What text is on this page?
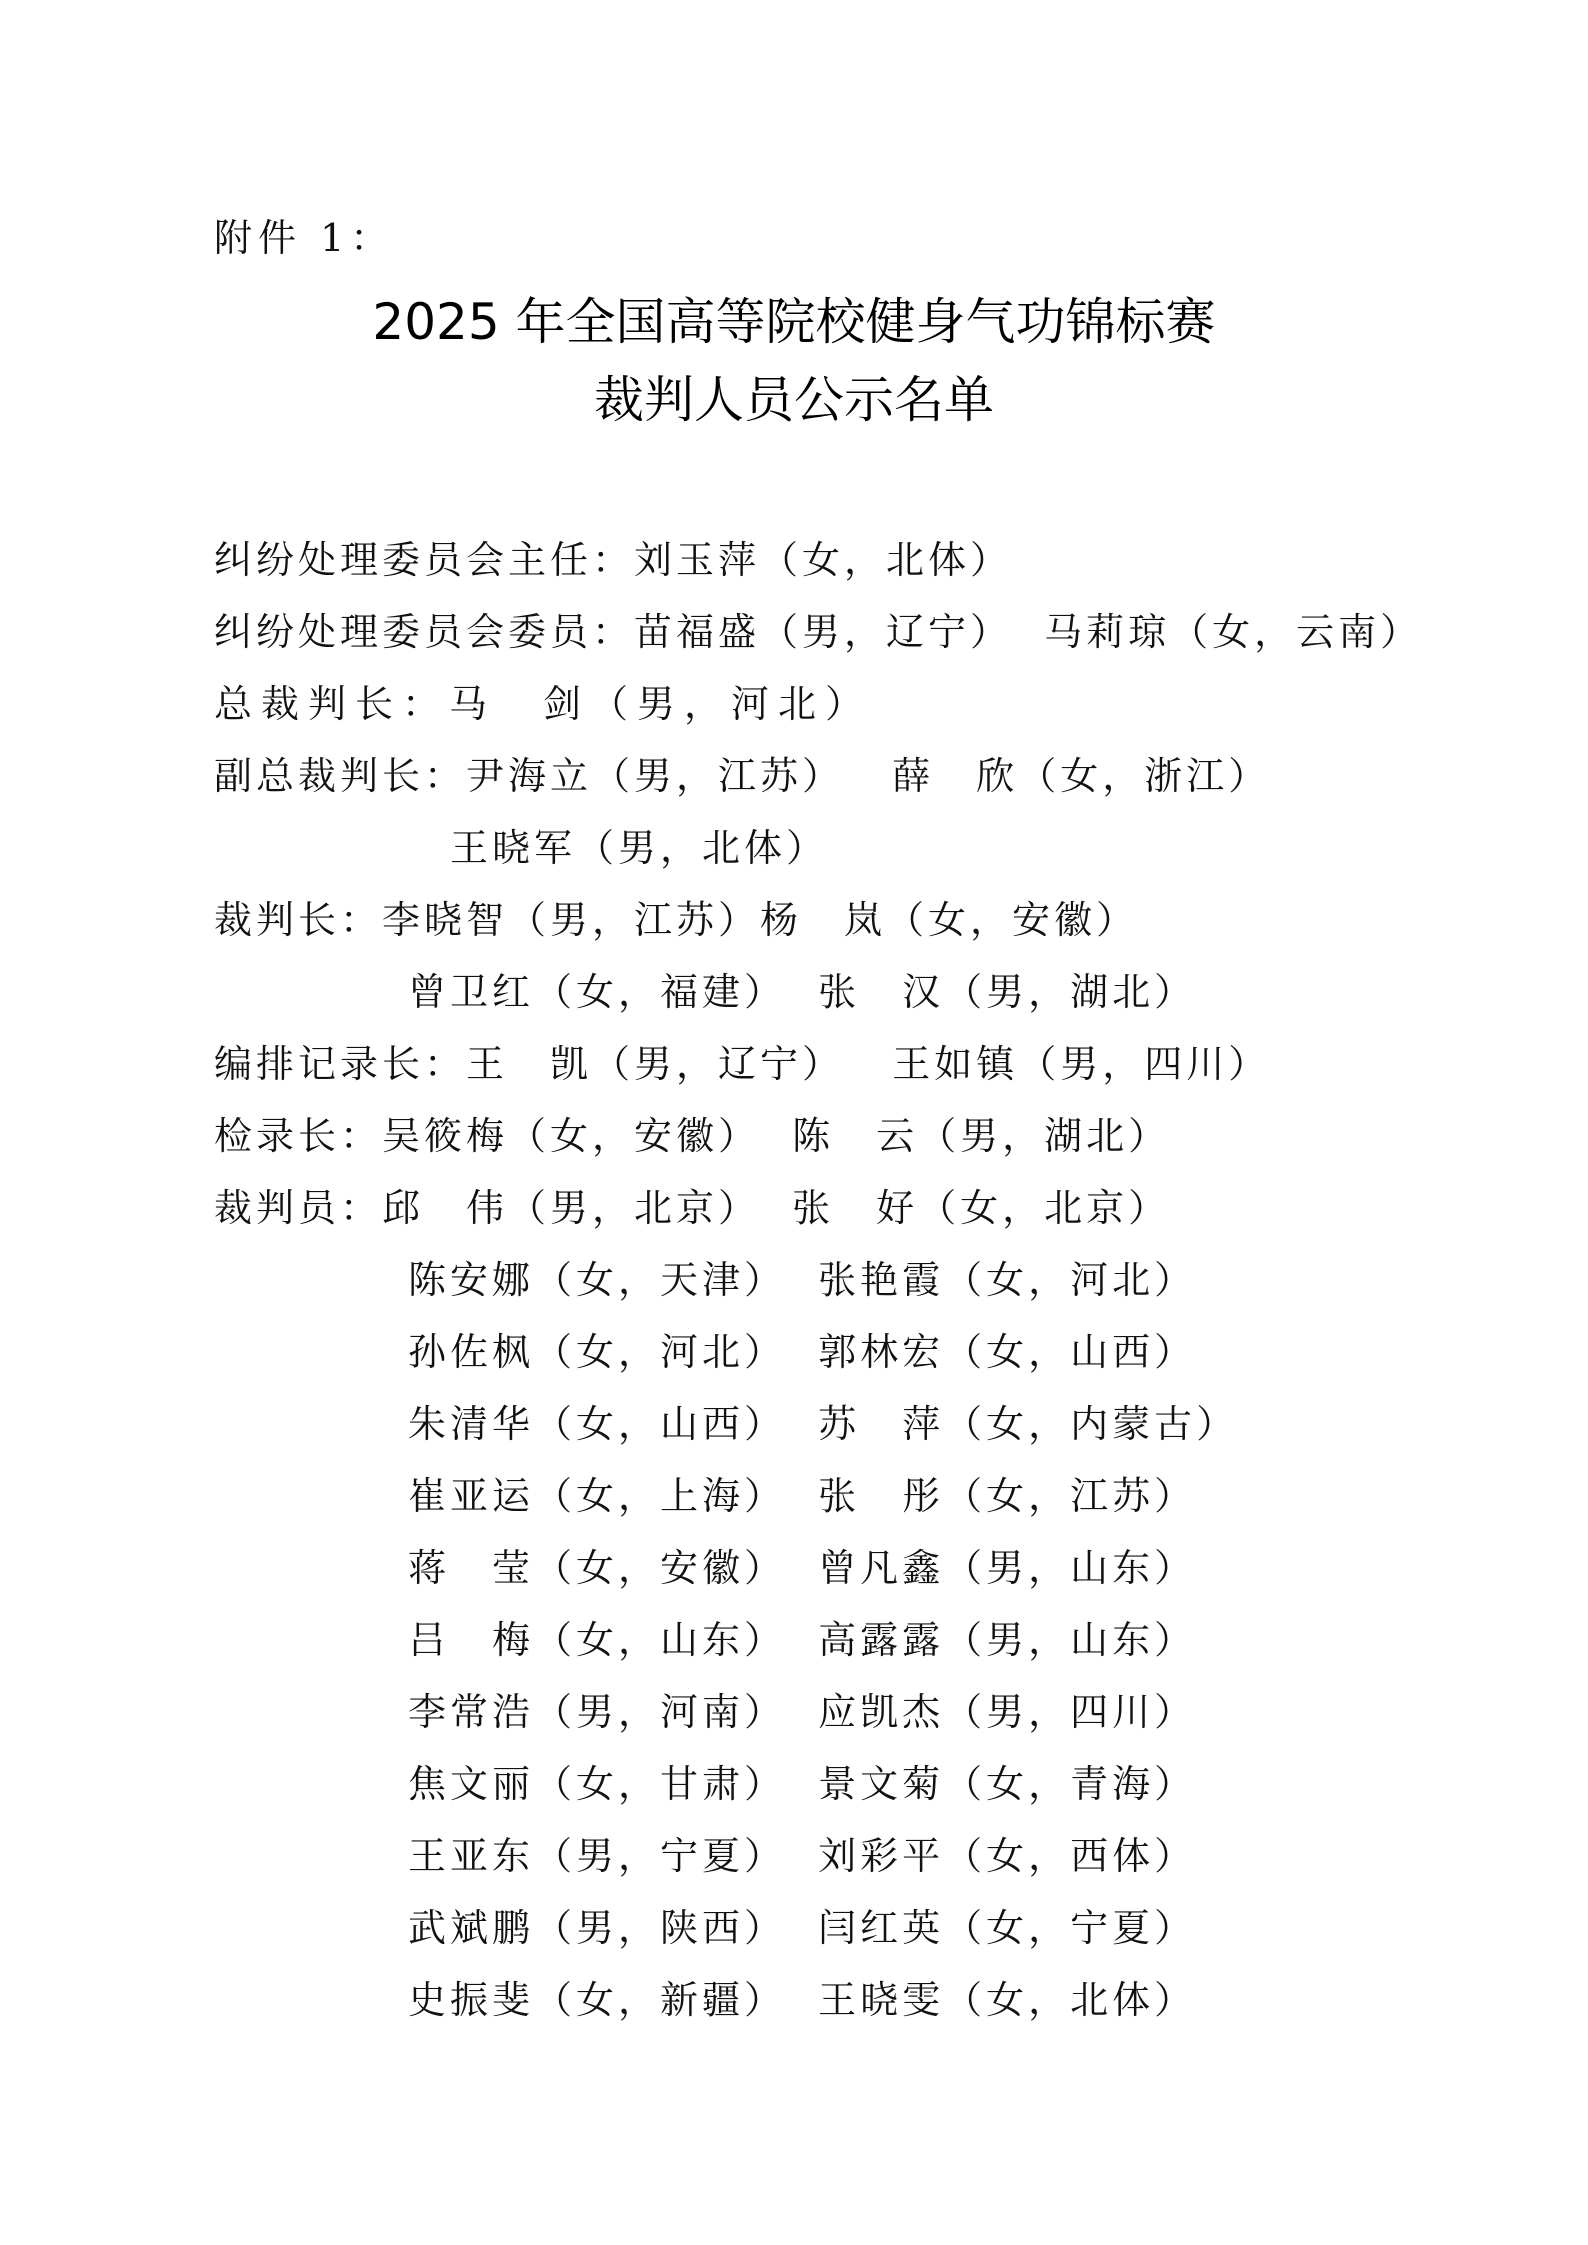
附件 1：
2025 年全国高等院校健身气功锦标赛
裁判人员公示名单
纠纷处理委员会主任：刘玉萍（女，北体）
纠纷处理委员会委员：苗福盛（男，辽宁）  马莉琼（女，云南）
总裁判长：马　剑（男，河北）
副总裁判长：尹海立（男，江苏）   薛　欣（女，浙江）
王晓军（男，北体）
裁判长：李晓智（男，江苏）杨　岚（女，安徽）
曾卫红（女，福建）  张　汉（男，湖北）
编排记录长：王　凯（男，辽宁）   王如镇（男，四川）
检录长：吴筱梅（女，安徽）  陈　云（男，湖北）
裁判员：邱　伟（男，北京）  张　好（女，北京）
陈安娜（女，天津）  张艳霞（女，河北）
孙佐枫（女，河北）  郭林宏（女，山西）
朱清华（女，山西）  苏　萍（女，内蒙古）
崔亚运（女，上海）  张　彤（女，江苏）
蒋　莹（女，安徽）  曾凡鑫（男，山东）
吕　梅（女，山东）  高露露（男，山东）
李常浩（男，河南）  应凯杰（男，四川）
焦文丽（女，甘肃）  景文菊（女，青海）
王亚东（男，宁夏）  刘彩平（女，西体）
武斌鹏（男，陕西）  闫红英（女，宁夏）
史振斐（女，新疆）  王晓雯（女，北体）
